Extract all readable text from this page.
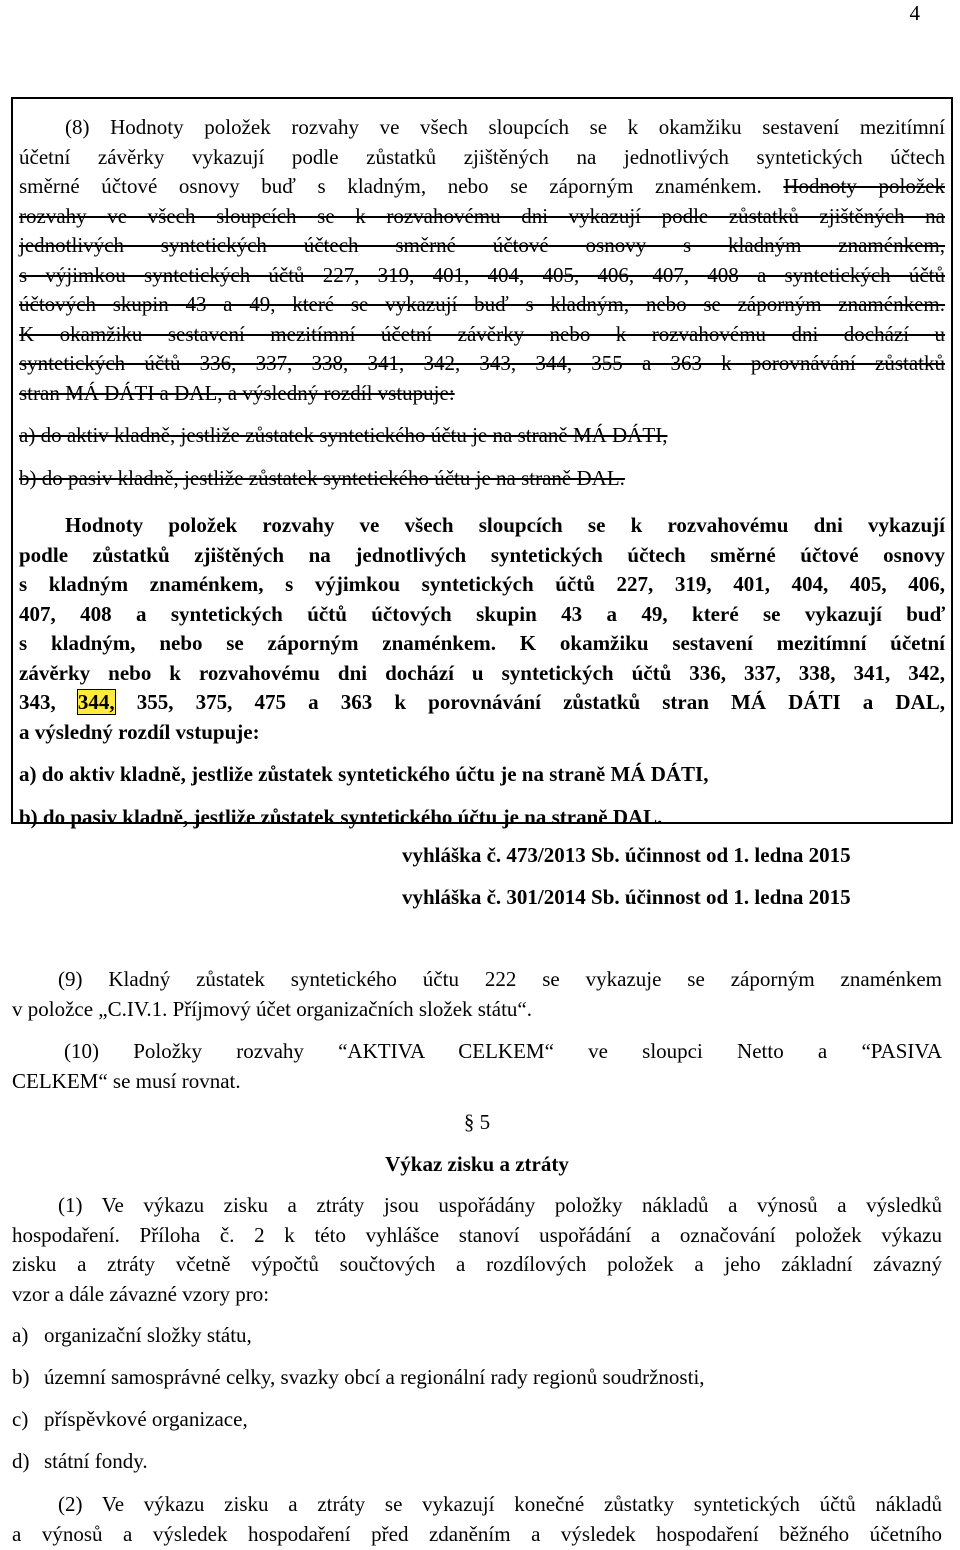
4

(8) Hodnoty položek rozvahy ve všech sloupcích se k okamžiku sestavení mezitímní

účetní závěrky vykazují podle zůstatků zjištěných na jednotlivých syntetických účtech

směrné účtové osnovy buď s kladným, nebo se záporným znaménkem. Hodnoty položek

rozvahy ve všech sloupcích se k rozvahovému dni vykazují podle zůstatků zjištěných na

jednotlivých syntetických účtech směrné účtové osnovy s kladným znaménkem,

s výjimkou syntetických účtů 227, 319, 401, 404, 405, 406, 407, 408 a syntetických účtů

účtových skupin 43 a 49, které se vykazují buď s kladným, nebo se záporným znaménkem.

K okamžiku sestavení mezitímní účetní závěrky nebo k rozvahovému dni dochází u

syntetických účtů 336, 337, 338, 341, 342, 343, 344, 355 a 363 k porovnávání zůstatků

stran MÁ DÁTI a DAL, a výsledný rozdíl vstupuje:

a) do aktiv kladně, jestliže zůstatek syntetického účtu je na straně MÁ DÁTI,

b) do pasiv kladně, jestliže zůstatek syntetického účtu je na straně DAL.

Hodnoty položek rozvahy ve všech sloupcích se k rozvahovému dni vykazují

podle zůstatků zjištěných na jednotlivých syntetických účtech směrné účtové osnovy

s kladným znaménkem, s výjimkou syntetických účtů 227, 319, 401, 404, 405, 406,

407, 408 a syntetických účtů účtových skupin 43 a 49, které se vykazují buď

s kladným, nebo se záporným znaménkem. K okamžiku sestavení mezitímní účetní

závěrky nebo k rozvahovému dni dochází u syntetických účtů 336, 337, 338, 341, 342,

343, 344, 355, 375, 475 a 363 k porovnávání zůstatků stran MÁ DÁTI a DAL,

a výsledný rozdíl vstupuje:

a) do aktiv kladně, jestliže zůstatek syntetického účtu je na straně MÁ DÁTI,

b) do pasiv kladně, jestliže zůstatek syntetického účtu je na straně DAL.

vyhláška č. 473/2013 Sb. účinnost od 1. ledna 2015

vyhláška č. 301/2014 Sb. účinnost od 1. ledna 2015

(9) Kladný zůstatek syntetického účtu 222 se vykazuje se záporným znaménkem

v položce „C.IV.1. Příjmový účet organizačních složek státu“.

(10) Položky rozvahy “AKTIVA CELKEM“ ve sloupci Netto a “PASIVA

CELKEM“ se musí rovnat.

§ 5

Výkaz zisku a ztráty

(1) Ve výkazu zisku a ztráty jsou uspořádány položky nákladů a výnosů a výsledků

hospodaření. Příloha č. 2 k této vyhlášce stanoví uspořádání a označování položek výkazu

zisku a ztráty včetně výpočtů součtových a rozdílových položek a jeho základní závazný

vzor a dále závazné vzory pro:

a) organizační složky státu,

b) územní samosprávné celky, svazky obcí a regionální rady regionů soudržnosti,

c) příspěvkové organizace,

d) státní fondy.

(2) Ve výkazu zisku a ztráty se vykazují konečné zůstatky syntetických účtů nákladů

a výnosů a výsledek hospodaření před zdaněním a výsledek hospodaření běžného účetního
